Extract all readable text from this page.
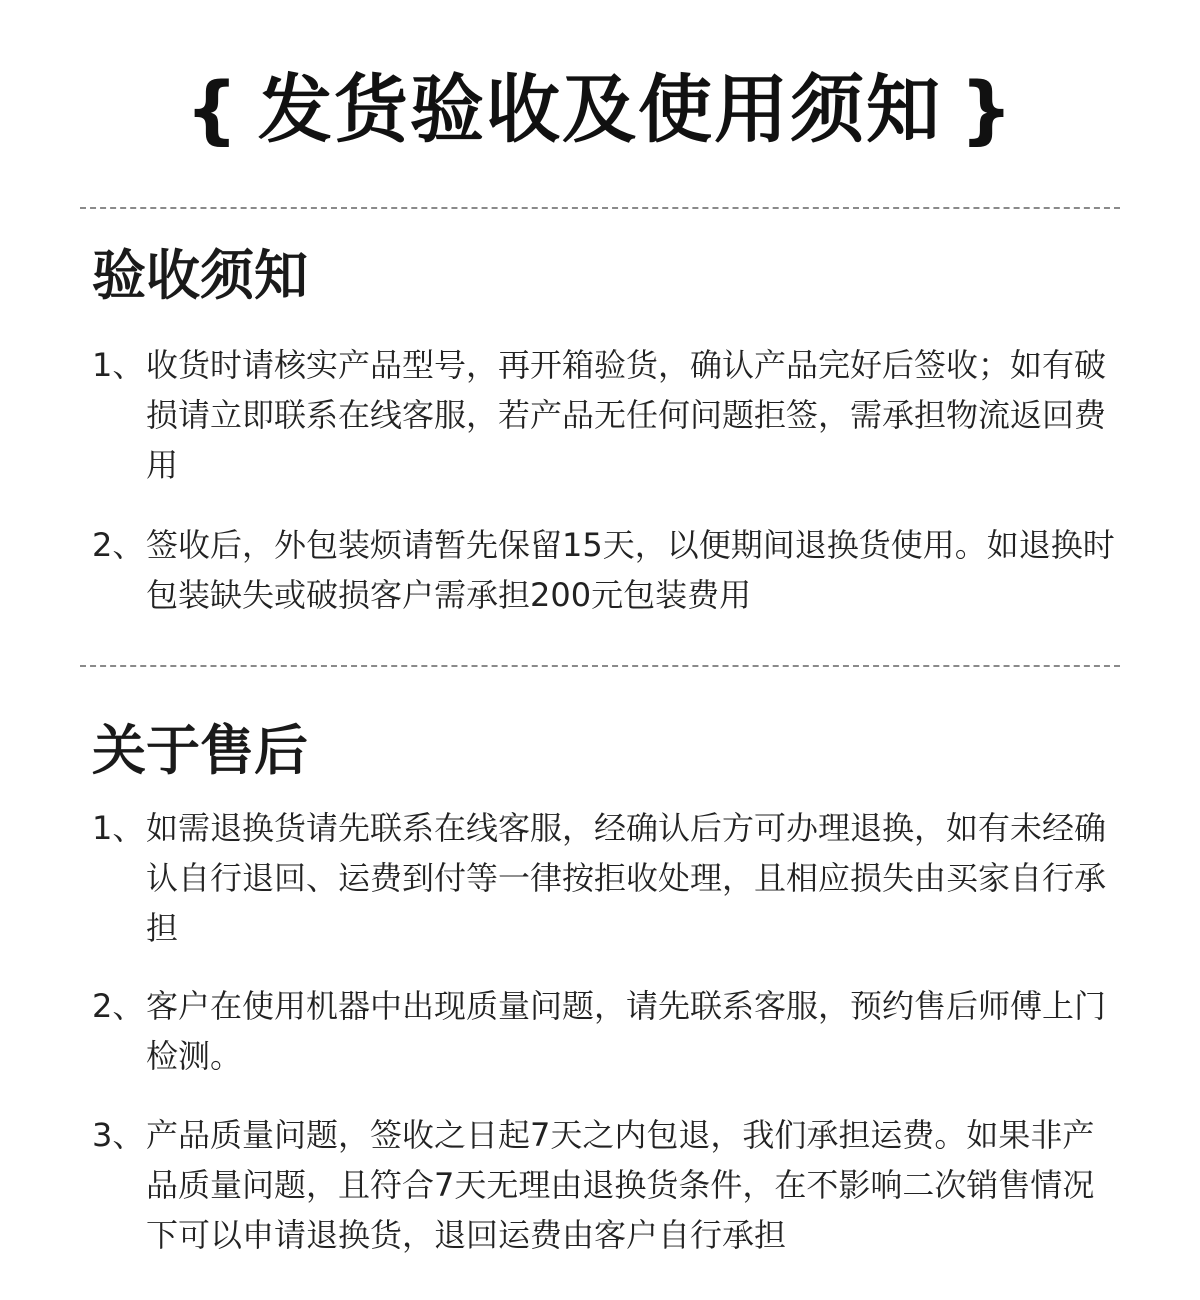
{ 发货验收及使用须知 }
验收须知
1、 收货时请核实产品型号，再开箱验货，确认产品完好后签收；如有破损请立即联系在线客服，若产品无任何问题拒签，需承担物流返回费用
2、 签收后，外包装烦请暂先保留15天，以便期间退换货使用。如退换时包装缺失或破损客户需承担200元包装费用
关于售后
1、 如需退换货请先联系在线客服，经确认后方可办理退换，如有未经确认自行退回、运费到付等一律按拒收处理，且相应损失由买家自行承担
2、 客户在使用机器中出现质量问题，请先联系客服，预约售后师傅上门检测。
3、 产品质量问题，签收之日起7天之内包退，我们承担运费。如果非产品质量问题，且符合7天无理由退换货条件，在不影响二次销售情况下可以申请退换货，退回运费由客户自行承担
